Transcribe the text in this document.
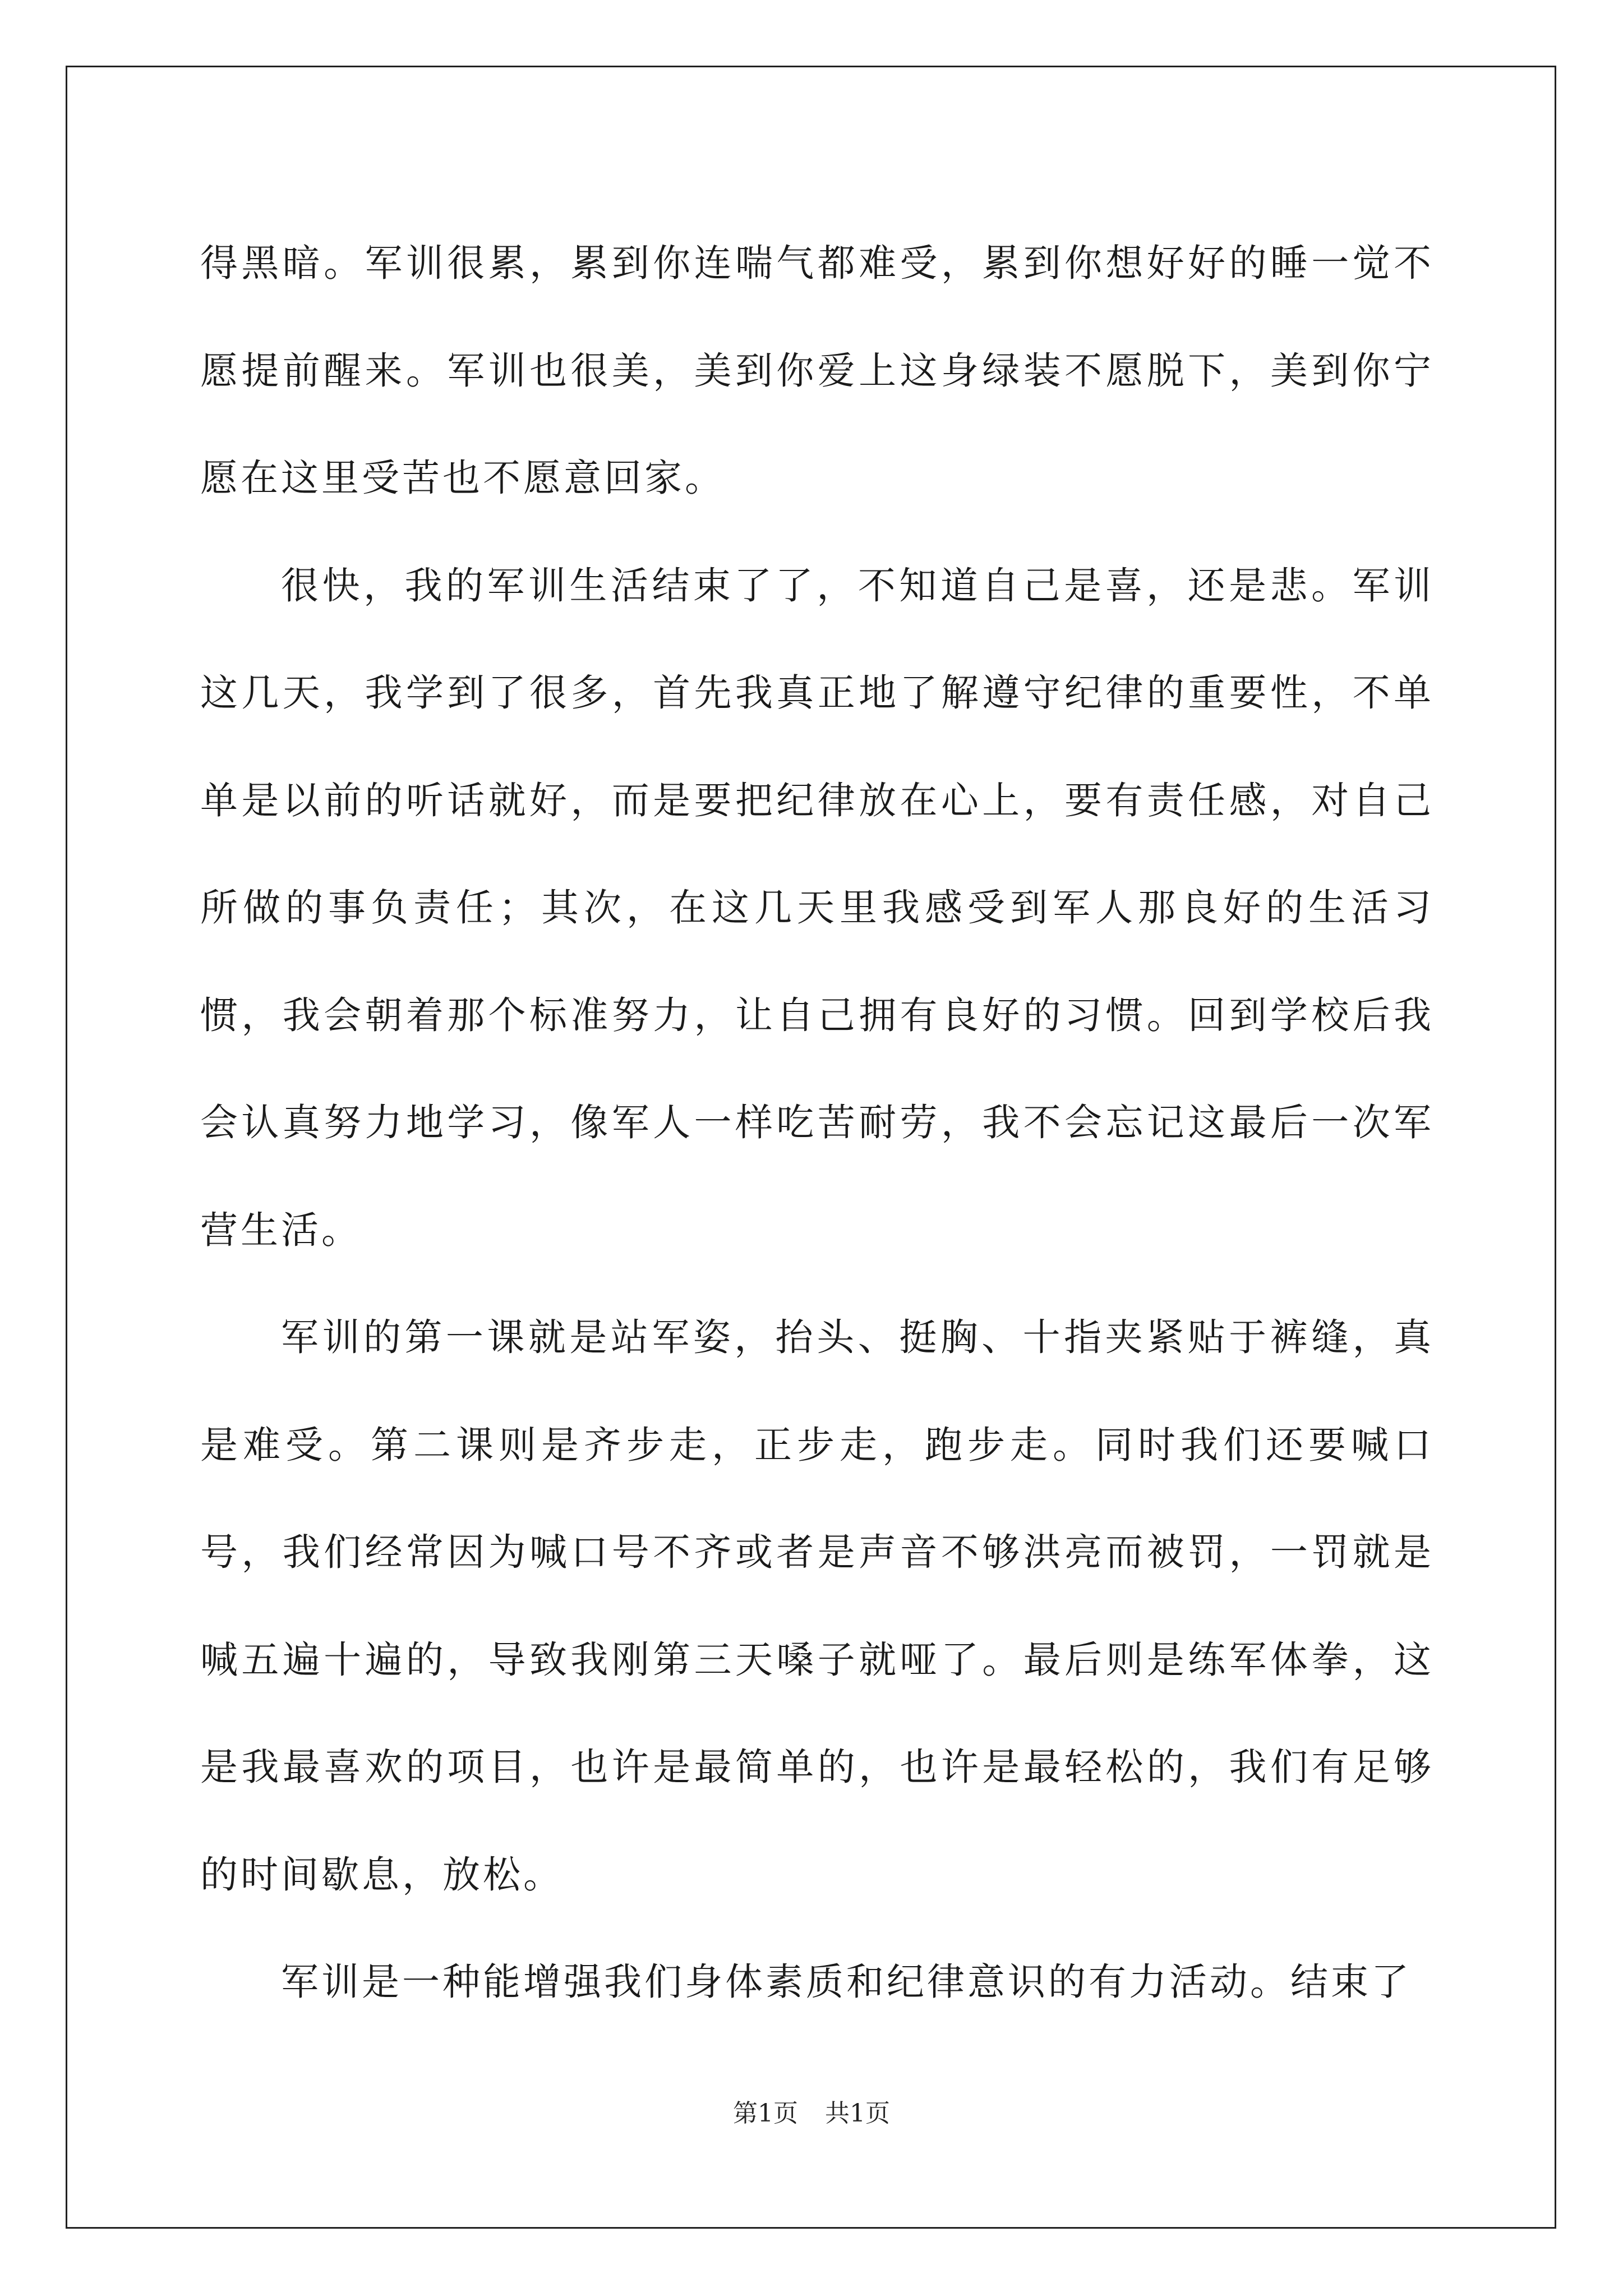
得黑暗。军训很累，累到你连喘气都难受，累到你想好好的睡一觉不愿提前醒来。军训也很美，美到你爱上这身绿装不愿脱下，美到你宁愿在这里受苦也不愿意回家。

很快，我的军训生活结束了了，不知道自己是喜，还是悲。军训这几天，我学到了很多，首先我真正地了解遵守纪律的重要性，不单单是以前的听话就好，而是要把纪律放在心上，要有责任感，对自己所做的事负责任；其次，在这几天里我感受到军人那良好的生活习惯，我会朝着那个标准努力，让自己拥有良好的习惯。回到学校后我会认真努力地学习，像军人一样吃苦耐劳，我不会忘记这最后一次军营生活。

军训的第一课就是站军姿，抬头、挺胸、十指夹紧贴于裤缝，真是难受。第二课则是齐步走，正步走，跑步走。同时我们还要喊口号，我们经常因为喊口号不齐或者是声音不够洪亮而被罚，一罚就是喊五遍十遍的，导致我刚第三天嗓子就哑了。最后则是练军体拳，这是我最喜欢的项目，也许是最简单的，也许是最轻松的，我们有足够的时间歇息，放松。

军训是一种能增强我们身体素质和纪律意识的有力活动。结束了

第1页 共1页
